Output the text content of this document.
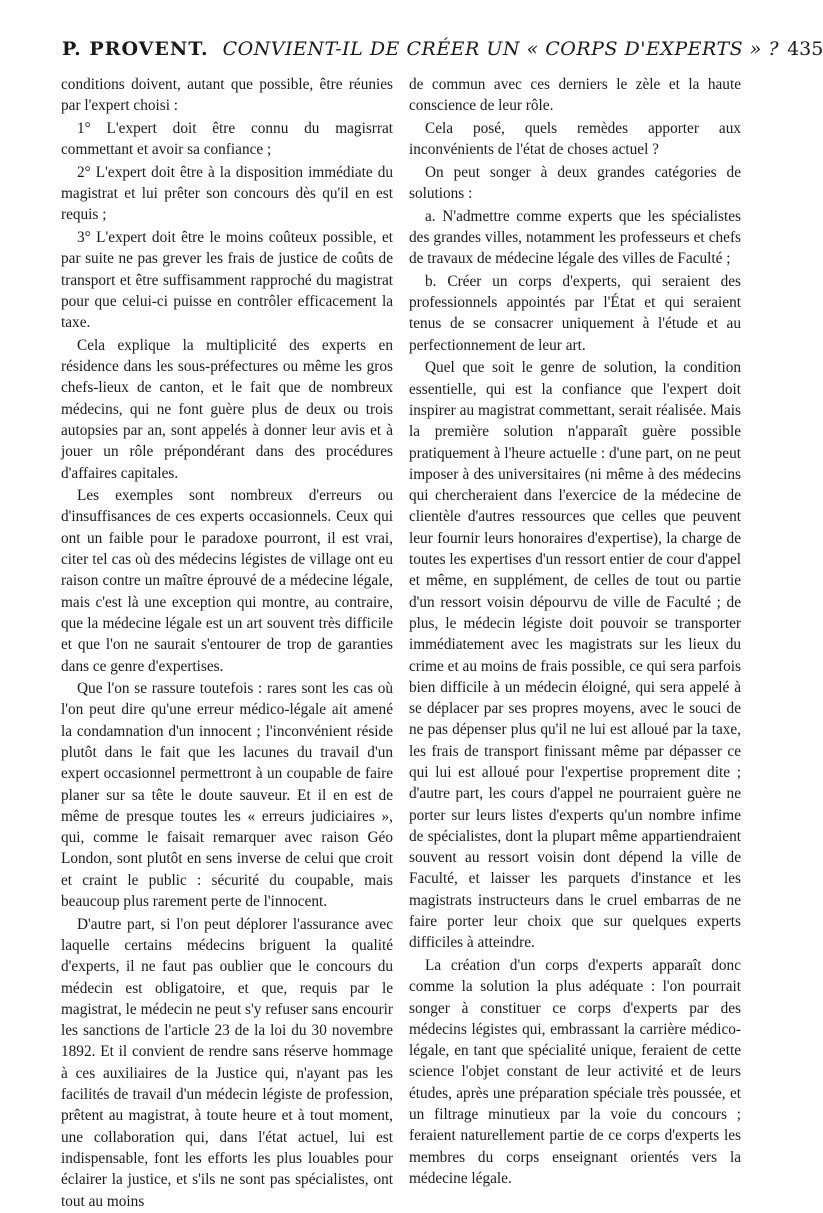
P. PROVENT. CONVIENT-IL DE CRÉER UN « CORPS D'EXPERTS » ? 435

conditions doivent, autant que possible, être réunies par l'expert choisi :

1° L'expert doit être connu du magisrrat commettant et avoir sa confiance ;

2° L'expert doit être à la disposition immédiate du magistrat et lui prêter son concours dès qu'il en est requis ;

3° L'expert doit être le moins coûteux possible, et par suite ne pas grever les frais de justice de coûts de transport et être suffisamment rapproché du magistrat pour que celui-ci puisse en contrôler efficacement la taxe.

Cela explique la multiplicité des experts en résidence dans les sous-préfectures ou même les gros chefs-lieux de canton, et le fait que de nombreux médecins, qui ne font guère plus de deux ou trois autopsies par an, sont appelés à donner leur avis et à jouer un rôle prépondérant dans des procédures d'affaires capitales.

Les exemples sont nombreux d'erreurs ou d'insuffisances de ces experts occasionnels. Ceux qui ont un faible pour le paradoxe pourront, il est vrai, citer tel cas où des médecins légistes de village ont eu raison contre un maître éprouvé de a médecine légale, mais c'est là une exception qui montre, au contraire, que la médecine légale est un art souvent très difficile et que l'on ne saurait s'entourer de trop de garanties dans ce genre d'expertises.

Que l'on se rassure toutefois : rares sont les cas où l'on peut dire qu'une erreur médico-légale ait amené la condamnation d'un innocent ; l'inconvénient réside plutôt dans le fait que les lacunes du travail d'un expert occasionnel permettront à un coupable de faire planer sur sa tête le doute sauveur. Et il en est de même de presque toutes les « erreurs judiciaires », qui, comme le faisait remarquer avec raison Géo London, sont plutôt en sens inverse de celui que croit et craint le public : sécurité du coupable, mais beaucoup plus rarement perte de l'innocent.

D'autre part, si l'on peut déplorer l'assurance avec laquelle certains médecins briguent la qualité d'experts, il ne faut pas oublier que le concours du médecin est obligatoire, et que, requis par le magistrat, le médecin ne peut s'y refuser sans encourir les sanctions de l'article 23 de la loi du 30 novembre 1892. Et il convient de rendre sans réserve hommage à ces auxiliaires de la Justice qui, n'ayant pas les facilités de travail d'un médecin légiste de profession, prêtent au magistrat, à toute heure et à tout moment, une collaboration qui, dans l'état actuel, lui est indispensable, font les efforts les plus louables pour éclairer la justice, et s'ils ne sont pas spécialistes, ont tout au moins

de commun avec ces derniers le zèle et la haute conscience de leur rôle.

Cela posé, quels remèdes apporter aux inconvénients de l'état de choses actuel ?

On peut songer à deux grandes catégories de solutions :

a. N'admettre comme experts que les spécialistes des grandes villes, notamment les professeurs et chefs de travaux de médecine légale des villes de Faculté ;

b. Créer un corps d'experts, qui seraient des professionnels appointés par l'État et qui seraient tenus de se consacrer uniquement à l'étude et au perfectionnement de leur art.

Quel que soit le genre de solution, la condition essentielle, qui est la confiance que l'expert doit inspirer au magistrat commettant, serait réalisée. Mais la première solution n'apparaît guère possible pratiquement à l'heure actuelle : d'une part, on ne peut imposer à des universitaires (ni même à des médecins qui chercheraient dans l'exercice de la médecine de clientèle d'autres ressources que celles que peuvent leur fournir leurs honoraires d'expertise), la charge de toutes les expertises d'un ressort entier de cour d'appel et même, en supplément, de celles de tout ou partie d'un ressort voisin dépourvu de ville de Faculté ; de plus, le médecin légiste doit pouvoir se transporter immédiatement avec les magistrats sur les lieux du crime et au moins de frais possible, ce qui sera parfois bien difficile à un médecin éloigné, qui sera appelé à se déplacer par ses propres moyens, avec le souci de ne pas dépenser plus qu'il ne lui est alloué par la taxe, les frais de transport finissant même par dépasser ce qui lui est alloué pour l'expertise proprement dite ; d'autre part, les cours d'appel ne pourraient guère ne porter sur leurs listes d'experts qu'un nombre infime de spécialistes, dont la plupart même appartiendraient souvent au ressort voisin dont dépend la ville de Faculté, et laisser les parquets d'instance et les magistrats instructeurs dans le cruel embarras de ne faire porter leur choix que sur quelques experts difficiles à atteindre.

La création d'un corps d'experts apparaît donc comme la solution la plus adéquate : l'on pourrait songer à constituer ce corps d'experts par des médecins légistes qui, embrassant la carrière médico-légale, en tant que spécialité unique, feraient de cette science l'objet constant de leur activité et de leurs études, après une préparation spéciale très poussée, et un filtrage minutieux par la voie du concours ; feraient naturellement partie de ce corps d'experts les membres du corps enseignant orientés vers la médecine légale.
